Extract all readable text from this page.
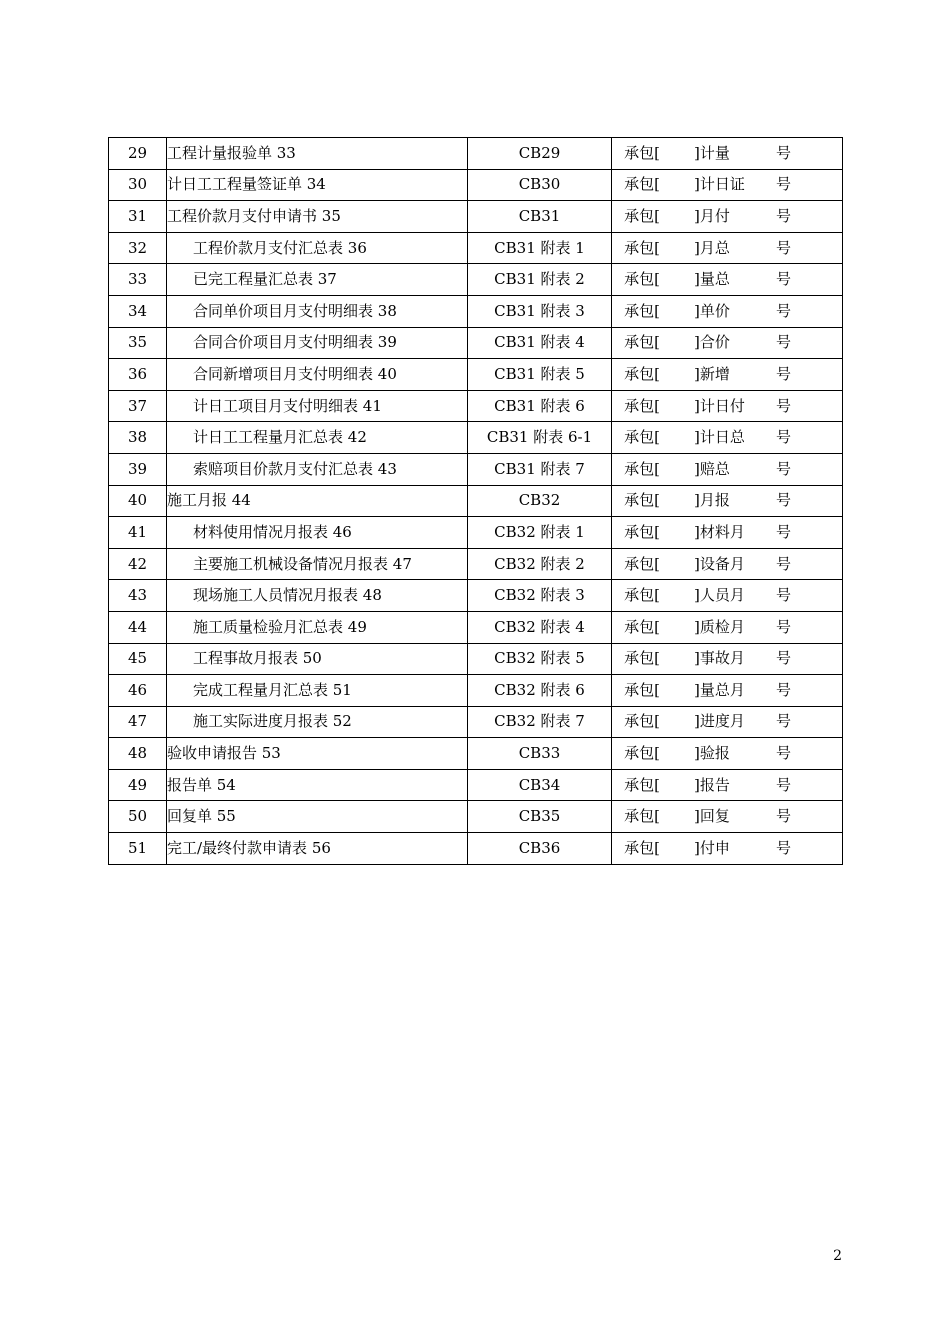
29	工程计量报验单 33	CB29	承包[ ]计量 号

30	计日工工程量签证单 34	CB30	承包[ ]计日证 号

31	工程价款月支付申请书 35	CB31	承包[ ]月付 号

32	工程价款月支付汇总表 36	CB31 附表 1	承包[ ]月总 号

33	已完工程量汇总表 37	CB31 附表 2	承包[ ]量总 号

34	合同单价项目月支付明细表 38	CB31 附表 3	承包[ ]单价 号

35	合同合价项目月支付明细表 39	CB31 附表 4	承包[ ]合价 号

36	合同新增项目月支付明细表 40	CB31 附表 5	承包[ ]新增 号

37	计日工项目月支付明细表 41	CB31 附表 6	承包[ ]计日付 号

38	计日工工程量月汇总表 42	CB31 附表 6-1	承包[ ]计日总 号

39	索赔项目价款月支付汇总表 43	CB31 附表 7	承包[ ]赔总 号

40	施工月报 44	CB32	承包[ ]月报 号

41	材料使用情况月报表 46	CB32 附表 1	承包[ ]材料月 号

42	主要施工机械设备情况月报表 47	CB32 附表 2	承包[ ]设备月 号

43	现场施工人员情况月报表 48	CB32 附表 3	承包[ ]人员月 号

44	施工质量检验月汇总表 49	CB32 附表 4	承包[ ]质检月 号

45	工程事故月报表 50	CB32 附表 5	承包[ ]事故月 号

46	完成工程量月汇总表 51	CB32 附表 6	承包[ ]量总月 号

47	施工实际进度月报表 52	CB32 附表 7	承包[ ]进度月 号

48	验收申请报告 53	CB33	承包[ ]验报 号

49	报告单 54	CB34	承包[ ]报告 号

50	回复单 55	CB35	承包[ ]回复 号

51	完工/最终付款申请表 56	CB36	承包[ ]付申 号
2
